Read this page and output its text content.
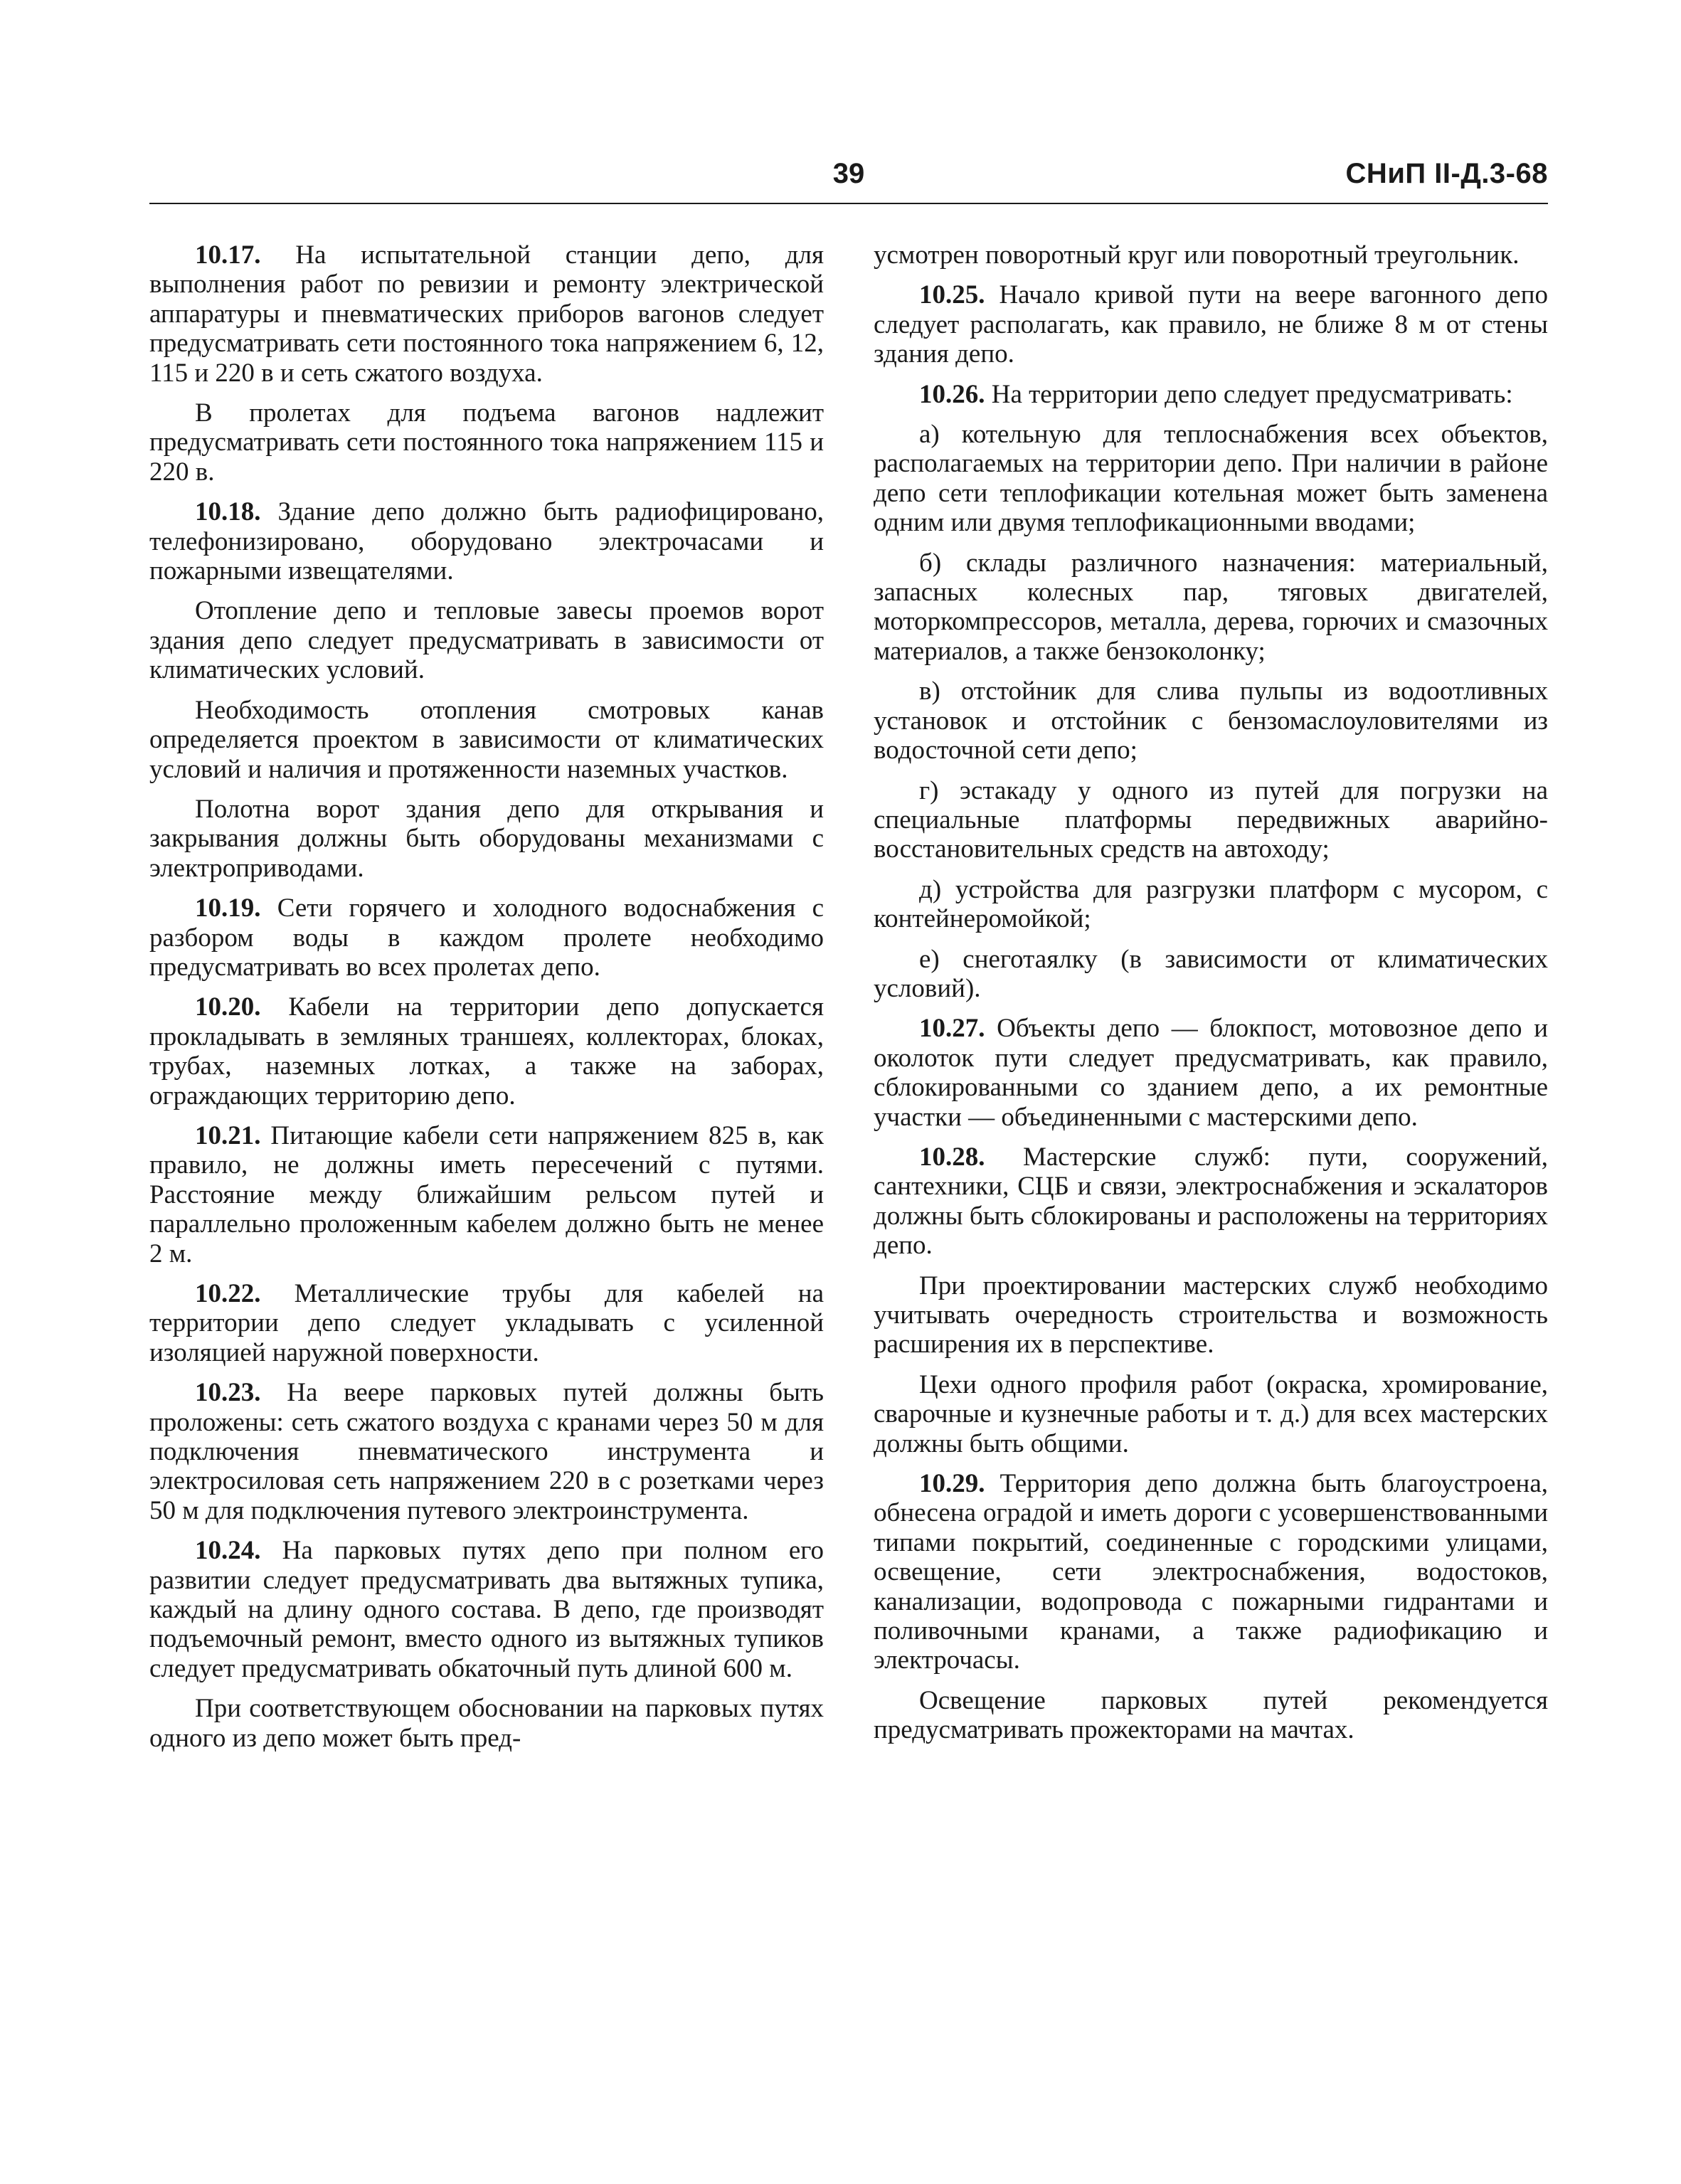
39	СНиП II-Д.3-68

10.17. На испытательной станции депо, для выполнения работ по ревизии и ремонту электрической аппаратуры и пневматических приборов вагонов следует предусматривать сети постоянного тока напряжением 6, 12, 115 и 220 в и сеть сжатого воздуха.

В пролетах для подъема вагонов надлежит предусматривать сети постоянного тока напряжением 115 и 220 в.

10.18. Здание депо должно быть радиофицировано, телефонизировано, оборудовано электрочасами и пожарными извещателями.

Отопление депо и тепловые завесы проемов ворот здания депо следует предусматривать в зависимости от климатических условий.

Необходимость отопления смотровых канав определяется проектом в зависимости от климатических условий и наличия и протяженности наземных участков.

Полотна ворот здания депо для открывания и закрывания должны быть оборудованы механизмами с электроприводами.

10.19. Сети горячего и холодного водоснабжения с разбором воды в каждом пролете необходимо предусматривать во всех пролетах депо.

10.20. Кабели на территории депо допускается прокладывать в земляных траншеях, коллекторах, блоках, трубах, наземных лотках, а также на заборах, ограждающих территорию депо.

10.21. Питающие кабели сети напряжением 825 в, как правило, не должны иметь пересечений с путями. Расстояние между ближайшим рельсом путей и параллельно проложенным кабелем должно быть не менее 2 м.

10.22. Металлические трубы для кабелей на территории депо следует укладывать с усиленной изоляцией наружной поверхности.

10.23. На веере парковых путей должны быть проложены: сеть сжатого воздуха с кранами через 50 м для подключения пневматического инструмента и электросиловая сеть напряжением 220 в с розетками через 50 м для подключения путевого электроинструмента.

10.24. На парковых путях депо при полном его развитии следует предусматривать два вытяжных тупика, каждый на длину одного состава. В депо, где производят подъемочный ремонт, вместо одного из вытяжных тупиков следует предусматривать обкаточный путь длиной 600 м.

При соответствующем обосновании на парковых путях одного из депо может быть пред-

усмотрен поворотный круг или поворотный треугольник.

10.25. Начало кривой пути на веере вагонного депо следует располагать, как правило, не ближе 8 м от стены здания депо.

10.26. На территории депо следует предусматривать:

а) котельную для теплоснабжения всех объектов, располагаемых на территории депо. При наличии в районе депо сети теплофикации котельная может быть заменена одним или двумя теплофикационными вводами;

б) склады различного назначения: материальный, запасных колесных пар, тяговых двигателей, моторкомпрессоров, металла, дерева, горючих и смазочных материалов, а также бензоколонку;

в) отстойник для слива пульпы из водоотливных установок и отстойник с бензомаслоуловителями из водосточной сети депо;

г) эстакаду у одного из путей для погрузки на специальные платформы передвижных аварийно-восстановительных средств на автоходу;

д) устройства для разгрузки платформ с мусором, с контейнеромойкой;

е) снеготаялку (в зависимости от климатических условий).

10.27. Объекты депо — блокпост, мотовозное депо и околоток пути следует предусматривать, как правило, сблокированными со зданием депо, а их ремонтные участки — объединенными с мастерскими депо.

10.28. Мастерские служб: пути, сооружений, сантехники, СЦБ и связи, электроснабжения и эскалаторов должны быть сблокированы и расположены на территориях депо.

При проектировании мастерских служб необходимо учитывать очередность строительства и возможность расширения их в перспективе.

Цехи одного профиля работ (окраска, хромирование, сварочные и кузнечные работы и т. д.) для всех мастерских должны быть общими.

10.29. Территория депо должна быть благоустроена, обнесена оградой и иметь дороги с усовершенствованными типами покрытий, соединенные с городскими улицами, освещение, сети электроснабжения, водостоков, канализации, водопровода с пожарными гидрантами и поливочными кранами, а также радиофикацию и электрочасы.

Освещение парковых путей рекомендуется предусматривать прожекторами на мачтах.
